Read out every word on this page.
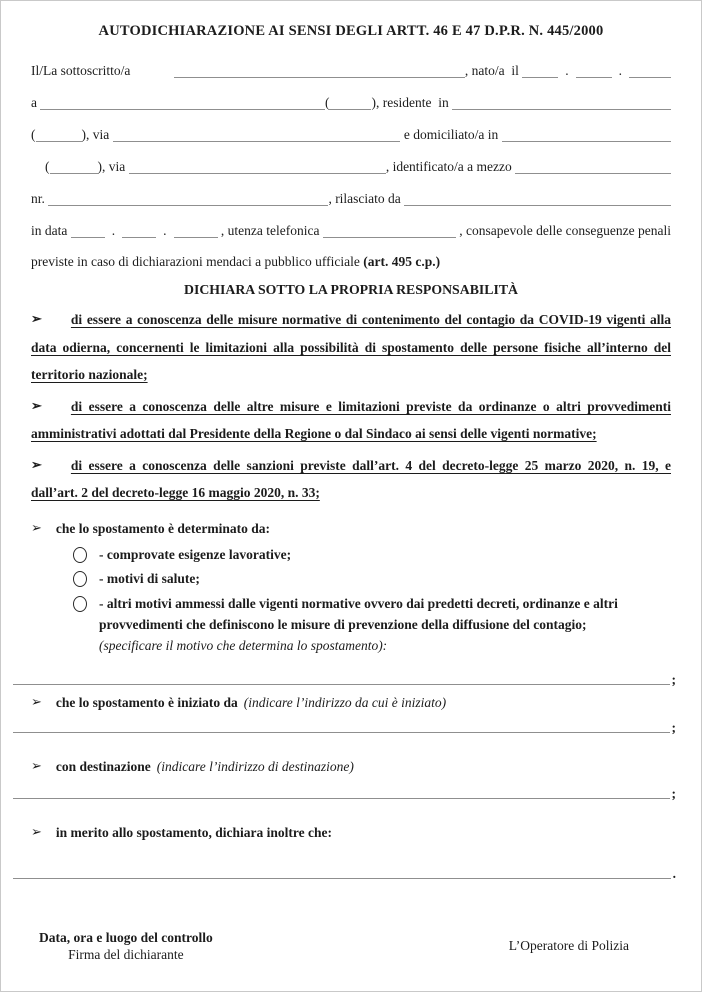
AUTODICHIARAZIONE AI SENSI DEGLI ARTT. 46 E 47 D.P.R. N. 445/2000
Il/La sottoscritto/a	, nato/a  il	.	.
a	(	), residente  in
(	), via	e domiciliato/a in
(	), via	, identificato/a a mezzo
nr.	, rilasciato da
in data	.	.	, utenza telefonica	, consapevole delle conseguenze penali
previste in caso di dichiarazioni mendaci a pubblico ufficiale (art. 495 c.p.)
DICHIARA SOTTO LA PROPRIA RESPONSABILITÀ

➢ di essere a conoscenza delle misure normative di contenimento del contagio da COVID-19 vigenti alla data odierna, concernenti le limitazioni alla possibilità di spostamento delle persone fisiche all’interno del territorio nazionale;

➢ di essere a conoscenza delle altre misure e limitazioni previste da ordinanze o altri provvedimenti amministrativi adottati dal Presidente della Regione o dal Sindaco ai sensi delle vigenti normative;

➢ di essere a conoscenza delle sanzioni previste dall’art. 4 del decreto-legge 25 marzo 2020, n. 19, e dall’art. 2 del decreto-legge 16 maggio 2020, n. 33;

➢ che lo spostamento è determinato da:
- comprovate esigenze lavorative;
- motivi di salute;
- altri motivi ammessi dalle vigenti normative ovvero dai predetti decreti, ordinanze e altri provvedimenti che definiscono le misure di prevenzione della diffusione del contagio;
(specificare il motivo che determina lo spostamento):
;
➢ che lo spostamento è iniziato da (indicare l’indirizzo da cui è iniziato)
;
➢ con destinazione (indicare l’indirizzo di destinazione)
;
➢ in merito allo spostamento, dichiara inoltre che:
.
Data, ora e luogo del controllo
Firma del dichiarante
L’Operatore di Polizia
